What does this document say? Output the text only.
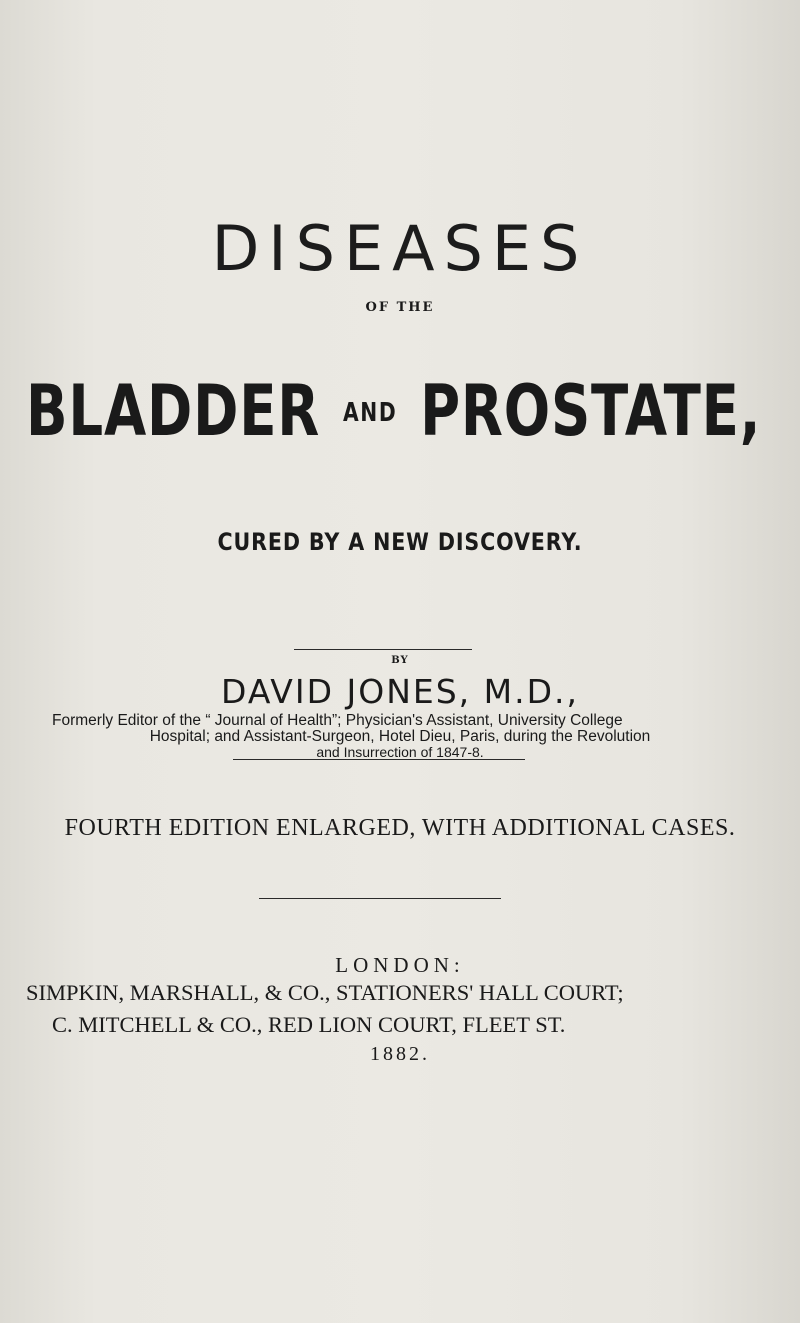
DISEASES
OF THE
BLADDER $^{AND}$ PROSTATE,
CURED BY A NEW DISCOVERY.
BY
DAVID JONES, M.D.,
Formerly Editor of the “ Journal of Health”; Physician's Assistant, University College
Hospital; and Assistant-Surgeon, Hotel Dieu, Paris, during the Revolution
and Insurrection of 1847-8.
FOURTH EDITION ENLARGED, WITH ADDITIONAL CASES.
LONDON:
SIMPKIN, MARSHALL, & CO., STATIONERS' HALL COURT;
C. MITCHELL & CO., RED LION COURT, FLEET ST.
1882.
